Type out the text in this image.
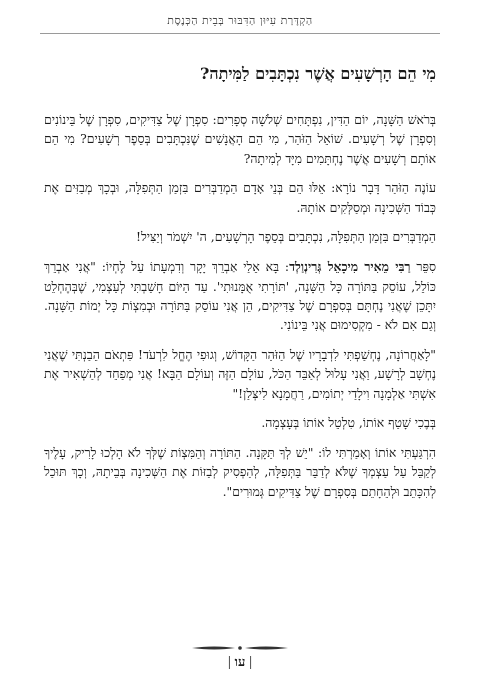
הַקְדָּרַת עִיּוּן הַדִּבּוּר בְּבֵית הַכְּנֶסֶת
מִי הֵם הָרְשָׁעִים אֲשֶׁר נִכְתָּבִים לַמִּיתָה?

בְּרֹאשׁ הַשָּׁנָה, יוֹם הַדִּין, נִפְתָּחִים שְׁלֹשָׁה סְפָרִים: סִפְרָן שֶׁל צַדִּיקִים, סִפְרָן שֶׁל בֵּינוֹנִים וְסִפְרָן שֶׁל רְשָׁעִים. שׁוֹאֵל הַזֹּהַר, מִי הֵם הָאֲנָשִׁים שֶׁנִּכְתָּבִים בְּסֵפֶר רְשָׁעִים? מִי הֵם אוֹתָם רְשָׁעִים אֲשֶׁר נֶחְתָּמִים מִיָּד לְמִיתָה?

עוֹנֶה הַזֹּהַר דָּבָר נוֹרָא: אֵלּוּ הֵם בְּנֵי אָדָם הַמְדַבְּרִים בִּזְמַן הַתְּפִלָּה, וּבְכָךְ מְבַזִּים אֶת כְּבוֹד הַשְּׁכִינָה וּמְסַלְּקִים אוֹתָהּ.

הַמְדַבְּרִים בִּזְמַן הַתְּפִלָּה, נִכְתָּבִים בְּסֵפֶר הָרְשָׁעִים, ה' יִשְׁמֹר וְיַצִּיל!

סִפֵּר רַבִּי מֵאִיר מִיכָאֵל גְּרִינְוַלְד: בָּא אֵלַי אַבְרֵךְ יָקָר וְדִמְעָתוֹ עַל לֶחְיוֹ: "אֲנִי אַבְרֵךְ כּוֹלֵל, עוֹסֵק בַּתּוֹרָה כָּל הַשָּׁנָה, 'תּוֹרָתִי אֻמָּנוּתִי'. עַד הַיּוֹם חָשַׁבְתִּי לְעַצְמִי, שֶׁבְּהֶחְלֵט יִתָּכֵן שֶׁאֲנִי נֶחְתָּם בְּסִפְרָם שֶׁל צַדִּיקִים, הֵן אֲנִי עוֹסֵק בַּתּוֹרָה וּבְמִצְוֹת כָּל יְמוֹת הַשָּׁנָה. וְגַם אִם לֹא - מִקְסִימוּם אֲנִי בֵּינוֹנִי.

"לָאַחֲרוֹנָה, נֶחְשַׁפְתִּי לִדְבָרָיו שֶׁל הַזֹּהַר הַקָּדוֹשׁ, וְגוּפִי הֶחֱל לִרְעֹד! פִּתְאֹם הֵבַנְתִּי שֶׁאֲנִי נֶחְשָׁב לְרָשָׁע, וַאֲנִי עָלוּל לְאַבֵּד הַכֹּל, עוֹלָם הַזֶּה וְעוֹלָם הַבָּא! אֲנִי מְפַחֵד לְהַשְׁאִיר אֶת אִשְׁתִּי אַלְמָנָה וִילָדַי יְתוֹמִים, רַחֲמָנָא לִיצְּלַן!"

בְּבֶכִי שָׁטַף אוֹתוֹ, טִלְטֵל אוֹתוֹ בְּעָצְמָה.

הִרְגַּעְתִּי אוֹתוֹ וְאָמַרְתִּי לוֹ: "יֵשׁ לְךָ תַּקָּנָה. הַתּוֹרָה וְהַמִּצְוֹת שֶׁלְּךָ לֹא הָלְכוּ לָרִיק, עָלֶיךָ לְקַבֵּל עַל עַצְמְךָ שֶׁלֹּא לְדַבֵּר בַּתְּפִלָּה, לְהַפְסִיק לְבַזּוֹת אֶת הַשְּׁכִינָה בְּבֵיתָהּ, וְכָךְ תּוּכַל לְהִכָּתֵב וּלְהֵחָתֵם בְּסִפְרָם שֶׁל צַדִּיקִים גְּמוּרִים".

|עו|
